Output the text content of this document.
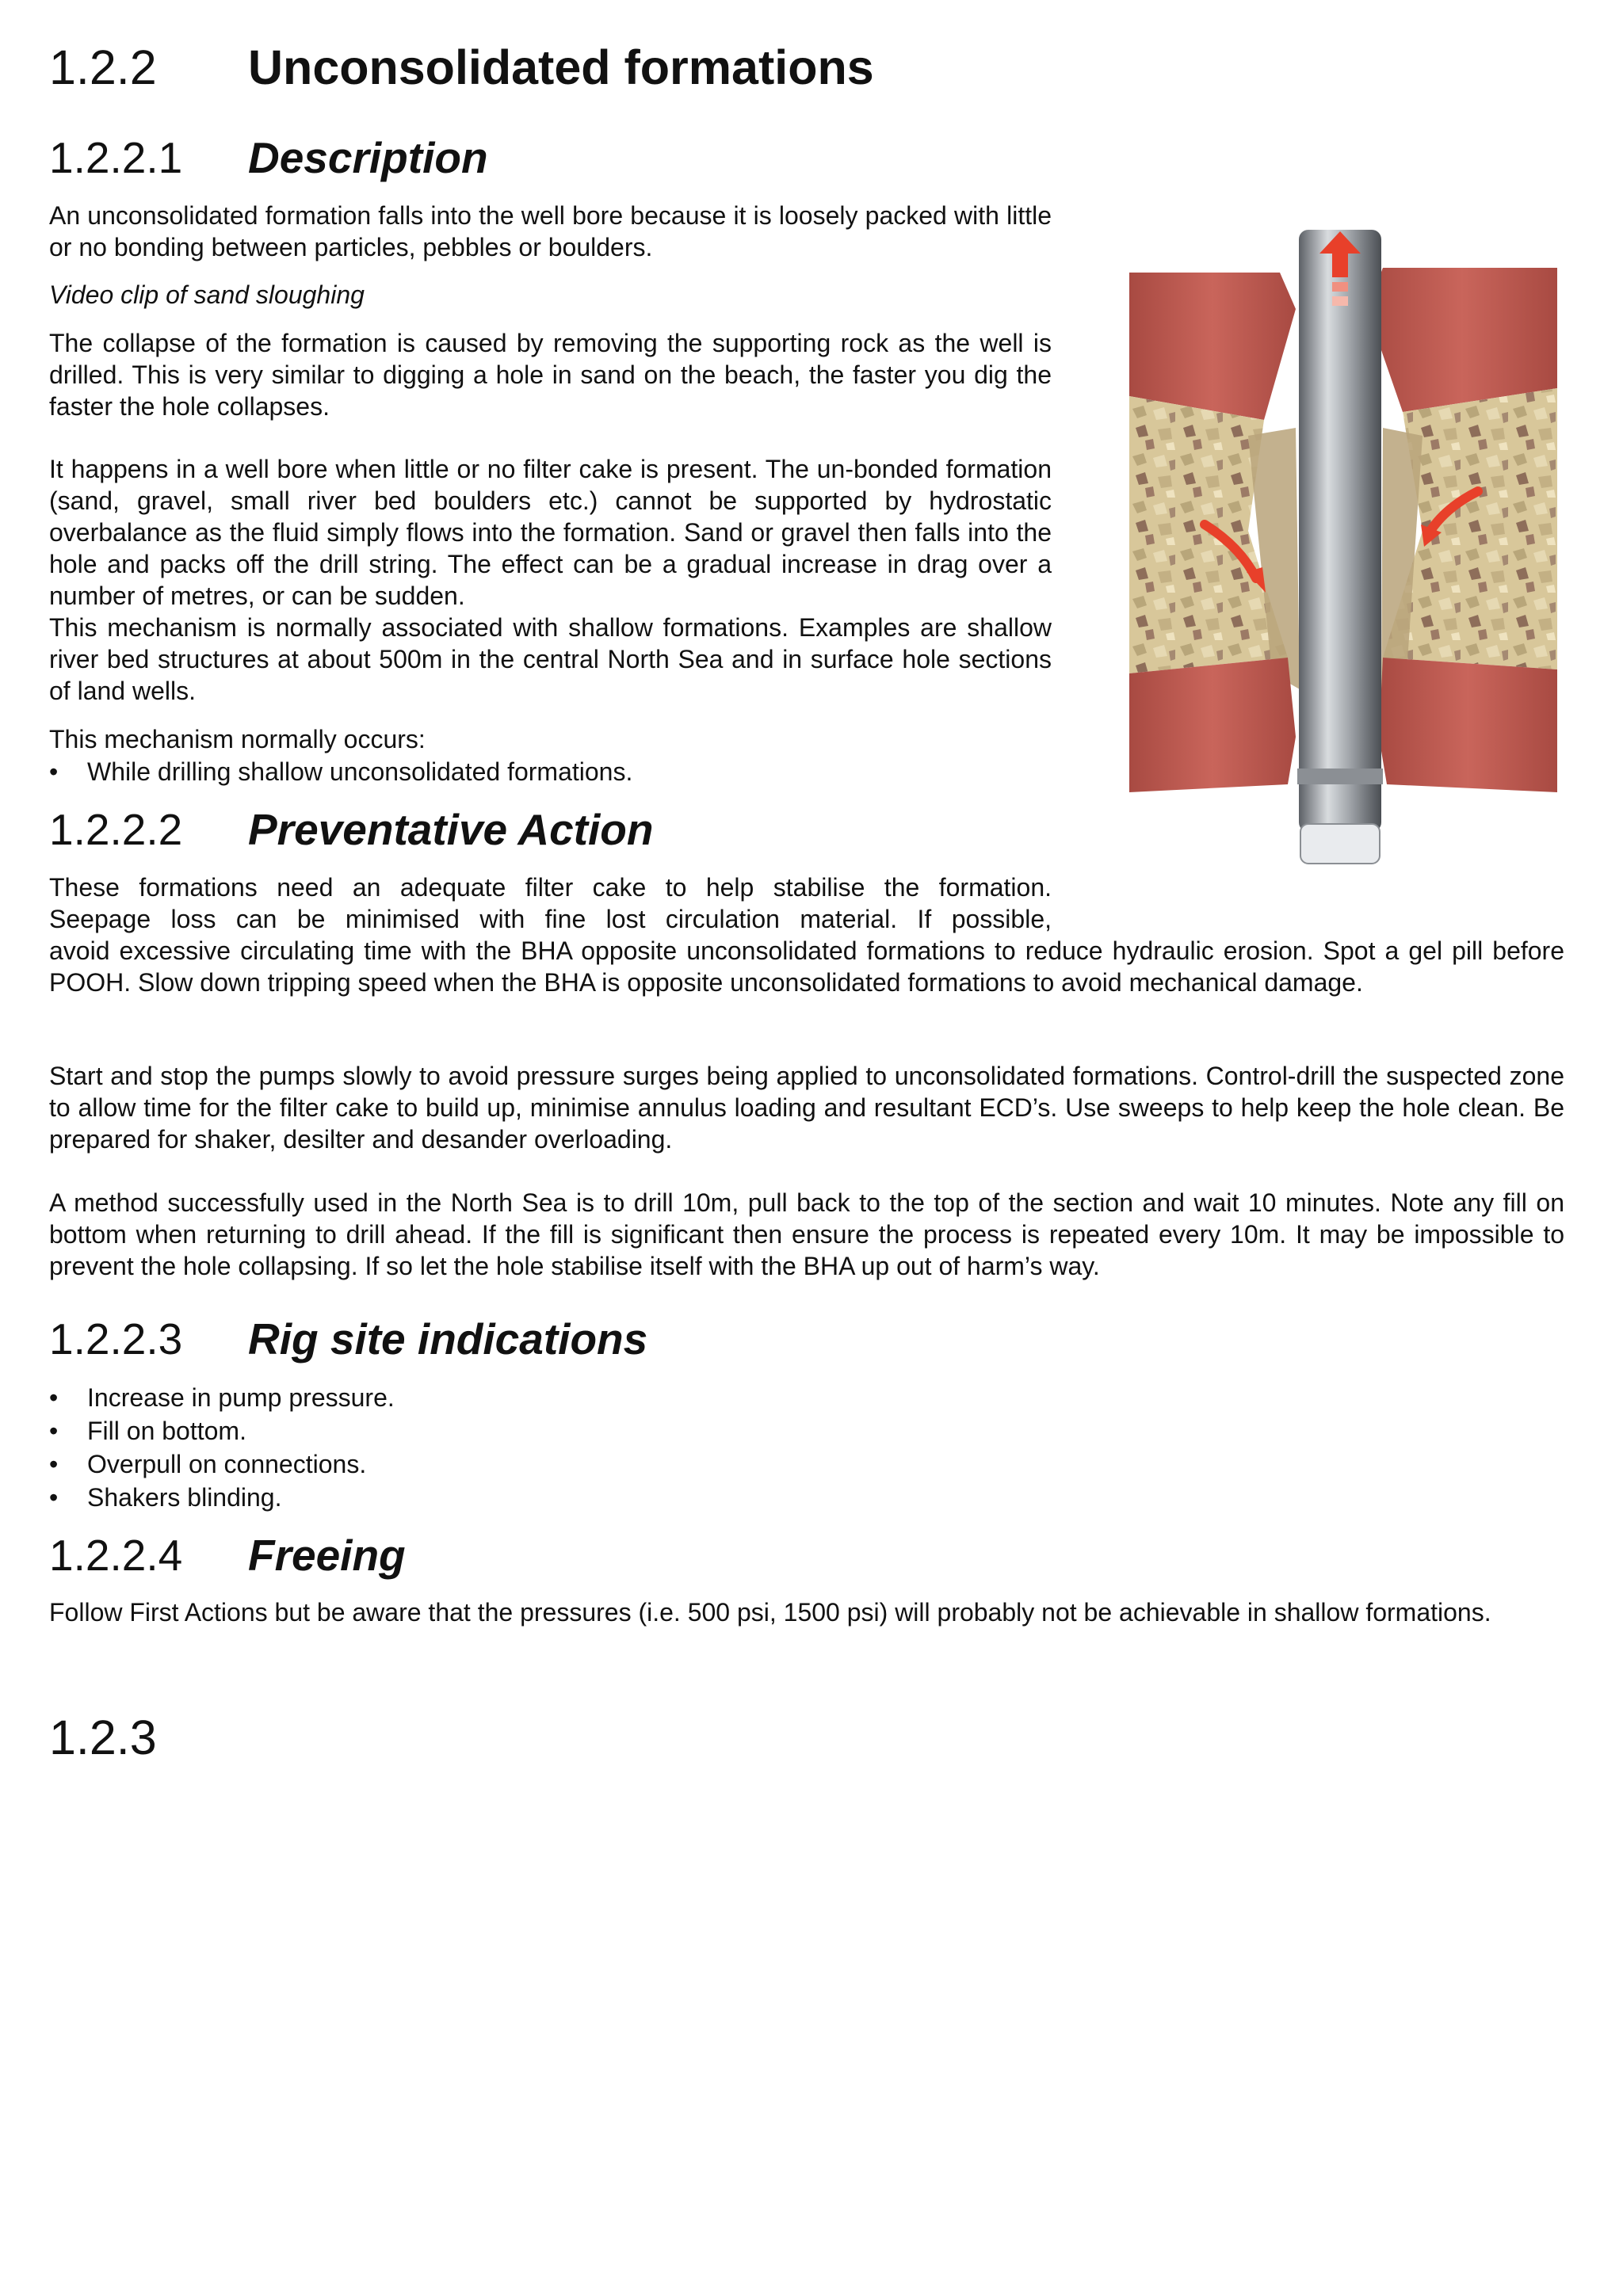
1.2.2 Unconsolidated formations
1.2.2.1 Description

An unconsolidated formation falls into the well bore because it is loosely packed with little or no bonding between particles, pebbles or boulders.

Video clip of sand sloughing

The collapse of the formation is caused by removing the supporting rock as the well is drilled. This is very similar to digging a hole in sand on the beach, the faster you dig the faster the hole collapses.

It happens in a well bore when little or no filter cake is present. The un-bonded formation (sand, gravel, small river bed boulders etc.) cannot be supported by hydrostatic overbalance as the fluid simply flows into the formation. Sand or gravel then falls into the hole and packs off the drill string. The effect can be a gradual increase in drag over a number of metres, or can be sudden.

This mechanism is normally associated with shallow formations. Examples are shallow river bed structures at about 500m in the central North Sea and in surface hole sections of land wells.

This mechanism normally occurs:

• While drilling shallow unconsolidated formations.
1.2.2.2 Preventative Action

These formations need an adequate filter cake to help stabilise the formation.

Seepage loss can be minimised with fine lost circulation material. If possible,

avoid excessive circulating time with the BHA opposite unconsolidated formations to reduce hydraulic erosion. Spot a gel pill before POOH. Slow down tripping speed when the BHA is opposite unconsolidated formations to avoid mechanical damage.

Start and stop the pumps slowly to avoid pressure surges being applied to unconsolidated formations. Control-drill the suspected zone to allow time for the filter cake to build up, minimise annulus loading and resultant ECD’s. Use sweeps to help keep the hole clean. Be prepared for shaker, desilter and desander overloading.

A method successfully used in the North Sea is to drill 10m, pull back to the top of the section and wait 10 minutes. Note any fill on bottom when returning to drill ahead. If the fill is significant then ensure the process is repeated every 10m. It may be impossible to prevent the hole collapsing. If so let the hole stabilise itself with the BHA up out of harm’s way.

1.2.2.3 Rig site indications
• Increase in pump pressure.
• Fill on bottom.
• Overpull on connections.
• Shakers blinding.
1.2.2.4 Freeing

Follow First Actions but be aware that the pressures (i.e. 500 psi, 1500 psi) will probably not be achievable in shallow formations.

1.2.3
